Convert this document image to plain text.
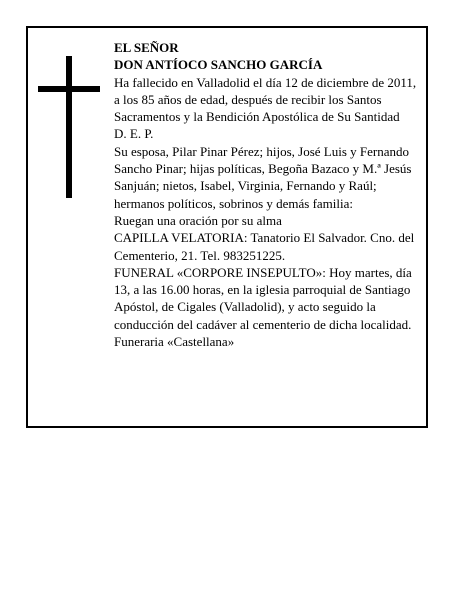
EL SEÑOR

DON ANTÍOCO SANCHO GARCÍA

Ha fallecido en Valladolid el día 12 de diciembre de 2011, a los 85 años de edad, después de recibir los Santos Sacramentos y la Bendición Apostólica de Su Santidad

D. E. P.

Su esposa, Pilar Pinar Pérez; hijos, José Luis y Fernando Sancho Pinar; hijas políticas, Begoña Bazaco y M.ª Jesús Sanjuán; nietos, Isabel, Virginia, Fernando y Raúl; hermanos políticos, sobrinos y demás familia:

Ruegan una oración por su alma

CAPILLA VELATORIA: Tanatorio El Salvador. Cno. del Cementerio, 21. Tel. 983251225.

FUNERAL «CORPORE INSEPULTO»: Hoy martes, día 13, a las 16.00 horas, en la iglesia parroquial de Santiago Apóstol, de Cigales (Valladolid), y acto seguido la conducción del cadáver al cementerio de dicha localidad.

Funeraria «Castellana»
